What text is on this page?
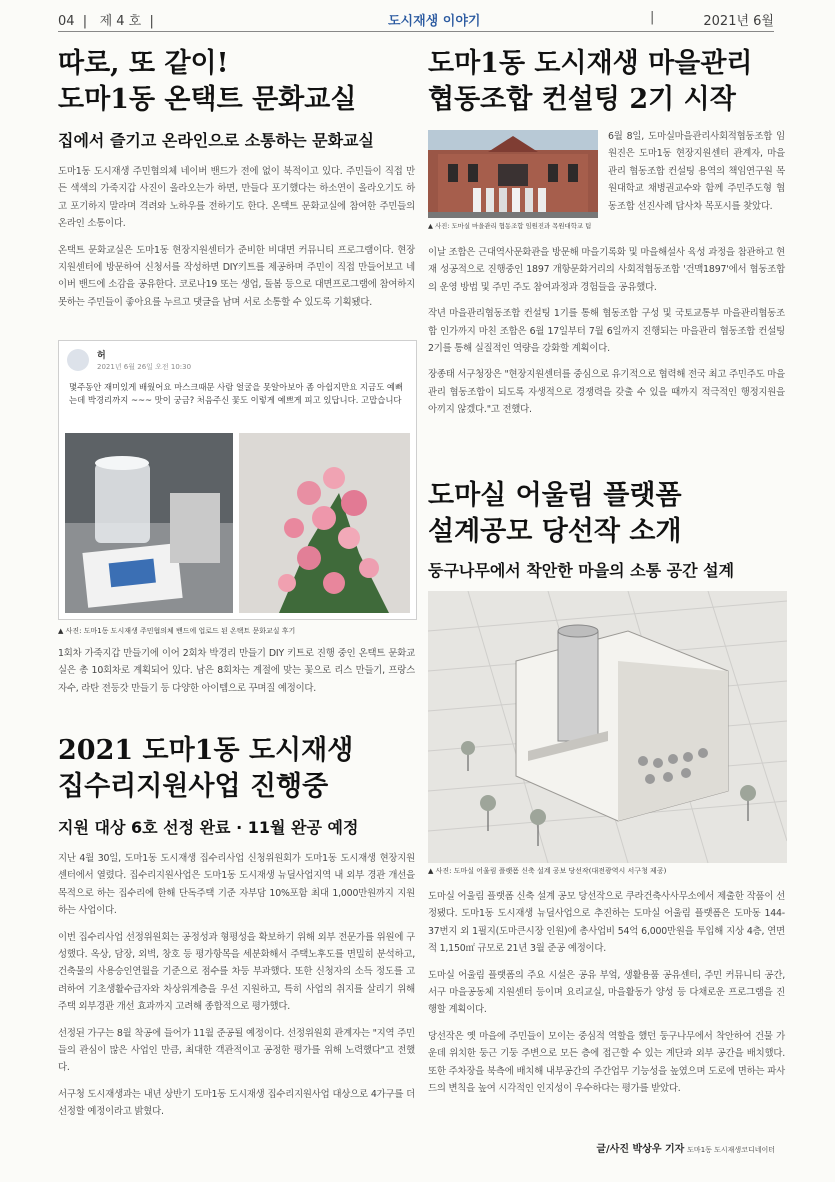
04  |   제 4 호  |	도시재생 이야기	|	2021년 6월
따로, 또 같이!
도마1동 온택트 문화교실
집에서 즐기고 온라인으로 소통하는 문화교실

도마1동 도시재생 주민협의체 네이버 밴드가 전에 없이 북적이고 있다. 주민들이 직접 만든 색색의 가죽지갑 사진이 올라오는가 하면, 만들다 포기했다는 하소연이 올라오기도 하고 포기하지 말라며 격려와 노하우를 전하기도 한다. 온택트 문화교실에 참여한 주민들의 온라인 소통이다.

온택트 문화교실은 도마1동 현장지원센터가 준비한 비대면 커뮤니티 프로그램이다. 현장지원센터에 방문하여 신청서를 작성하면 DIY키트를 제공하며 주민이 직접 만들어보고 네이버 밴드에 소감을 공유한다. 코로나19 또는 생업, 돌봄 등으로 대면프로그램에 참여하지 못하는 주민들이 좋아요를 누르고 댓글을 남며 서로 소통할 수 있도록 기획됐다.

허
2021년 6월 26일 오전 10:30
몇주동안 재미있게 배웠어요 마스크때문 사람 얼굴을 못알아보아 좀 아쉽지만요 지금도 예뻐는데 박경리까지 ~~~ 맛이 궁금? 처음주신 꽃도 이렇게 예쁘게 피고 있답니다. 고맙습니다
▲ 사진: 도마1동 도시재생 주민협의체 밴드에 업로드 된 온택트 문화교실 후기

1회차 가죽지갑 만들기에 이어 2회차 박경리 만들기 DIY 키트로 진행 중인 온택트 문화교실은 총 10회차로 계획되어 있다. 남은 8회차는 계절에 맞는 꽃으로 리스 만들기, 프랑스 자수, 라탄 전등갓 만들기 등 다양한 아이템으로 꾸며질 예정이다.

2021 도마1동 도시재생
집수리지원사업 진행중
지원 대상 6호 선정 완료 · 11월 완공 예정

지난 4월 30일, 도마1동 도시재생 집수리사업 신청위원회가 도마1동 도시재생 현장지원센터에서 열렸다. 집수리지원사업은 도마1동 도시재생 뉴딜사업지역 내 외부 경관 개선을 목적으로 하는 집수리에 한해 단독주택 기준 자부담 10%포함 최대 1,000만원까지 지원하는 사업이다.

이번 집수리사업 선정위원회는 공정성과 형평성을 확보하기 위해 외부 전문가를 위원에 구성했다. 옥상, 담장, 외벽, 창호 등 평가항목을 세분화해서 주택노후도를 면밀히 분석하고, 건축물의 사용승인연월을 기준으로 점수를 차등 부과했다. 또한 신청자의 소득 정도를 고려하여 기초생활수급자와 차상위계층을 우선 지원하고, 특히 사업의 취지를 살리기 위해 주택 외부경관 개선 효과까지 고려해 종합적으로 평가했다.

선정된 가구는 8월 착공에 들어가 11월 준공될 예정이다. 선정위원회 관계자는 "지역 주민들의 관심이 많은 사업인 만큼, 최대한 객관적이고 공정한 평가를 위해 노력했다"고 전했다.

서구청 도시재생과는 내년 상반기 도마1동 도시재생 집수리지원사업 대상으로 4가구를 더 선정할 예정이라고 밝혔다.

도마1동 도시재생 마을관리
협동조합 컨설팅 2기 시작
▲ 사진: 도마실 마을관리 협동조합 임원진과 목원대학교 팀

6월 8일, 도마실마을관리사회적협동조합 임원진은 도마1동 현장지원센터 관계자, 마을관리 협동조합 컨설팅 용역의 책임연구원 목원대학교 채병권교수와 함께 주민주도형 협동조합 선진사례 답사차 목포시를 찾았다.

이날 조합은 근대역사문화관을 방문해 마을기록화 및 마을해설사 육성 과정을 참관하고 현재 성공적으로 진행중인 1897 개항문화거리의 사회적협동조합 '건맥1897'에서 협동조합의 운영 방법 및 주민 주도 참여과정과 경험들을 공유했다.

작년 마을관리협동조합 컨설팅 1기를 통해 협동조합 구성 및 국토교통부 마을관리협동조합 인가까지 마친 조합은 6월 17일부터 7월 6일까지 진행되는 마을관리 협동조합 컨설팅 2기를 통해 실질적인 역량을 강화할 계획이다.

장종태 서구청장은 "현장지원센터를 중심으로 유기적으로 협력해 전국 최고 주민주도 마을관리 협동조합이 되도록 자생적으로 경쟁력을 갖출 수 있을 때까지 적극적인 행정지원을 아끼지 않겠다."고 전했다.

도마실 어울림 플랫폼
설계공모 당선작 소개
둥구나무에서 착안한 마을의 소통 공간 설계
▲ 사진: 도마실 어울림 플랫폼 신축 설계 공보 당선작(대전광역시 서구청 제공)

도마실 어울림 플랫폼 신축 설계 공모 당선작으로 쿠라건축사사무소에서 제출한 작품이 선정됐다. 도마1동 도시재생 뉴딜사업으로 추진하는 도마실 어울림 플랫폼은 도마동 144-37번지 외 1필지(도마큰시장 인원)에 총사업비 54억 6,000만원을 투입해 지상 4층, 연면적 1,150㎡ 규모로 21년 3월 준공 예정이다.

도마실 어울림 플랫폼의 주요 시설은 공유 부엌, 생활용품 공유센터, 주민 커뮤니티 공간, 서구 마을공동체 지원센터 등이며 요리교실, 마을활동가 양성 등 다채로운 프로그램을 진행할 계획이다.

당선작은 옛 마을에 주민들이 모이는 중심적 역할을 했던 둥구나무에서 착안하여 건물 가운데 위치한 둥근 기둥 주변으로 모든 층에 접근할 수 있는 계단과 외부 공간을 배치했다. 또한 주차장을 북측에 배치해 내부공간의 주간업무 기능성을 높였으며 도로에 면하는 파사드의 변칙을 높여 시각적인 인지성이 우수하다는 평가를 받았다.

글/사진 박상우 기자 도마1동 도시재생코디네이터
